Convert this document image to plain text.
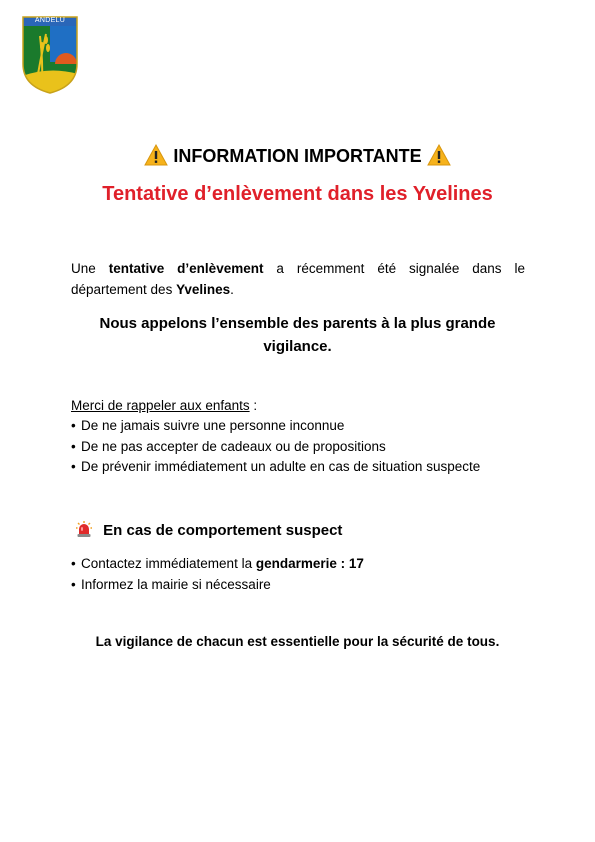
ANDELU
INFORMATION IMPORTANTE
Tentative d’enlèvement dans les Yvelines
Une tentative d’enlèvement a récemment été signalée dans le département des Yvelines.
Nous appelons l’ensemble des parents à la plus grande vigilance.
Merci de rappeler aux enfants :
• De ne jamais suivre une personne inconnue
• De ne pas accepter de cadeaux ou de propositions
• De prévenir immédiatement un adulte en cas de situation suspecte
En cas de comportement suspect
• Contactez immédiatement la gendarmerie : 17
• Informez la mairie si nécessaire
La vigilance de chacun est essentielle pour la sécurité de tous.
